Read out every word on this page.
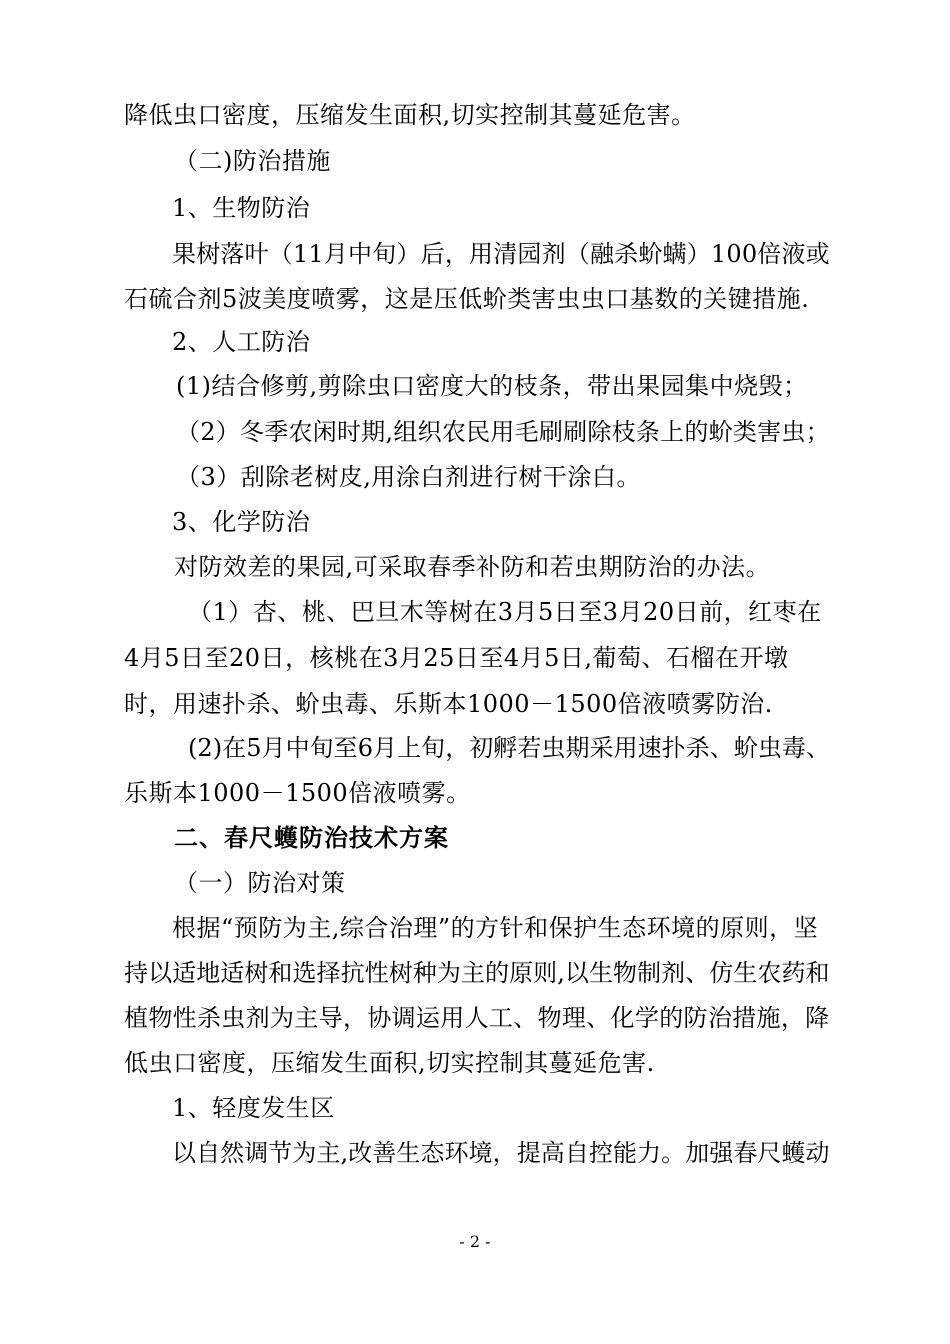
降低虫口密度，压缩发生面积,切实控制其蔓延危害。
（二)防治措施
1、生物防治
果树落叶（11月中旬）后，用清园剂（融杀蚧螨）100倍液或
石硫合剂5波美度喷雾，这是压低蚧类害虫虫口基数的关键措施.
2、人工防治
(1)结合修剪,剪除虫口密度大的枝条，带出果园集中烧毁；
（2）冬季农闲时期,组织农民用毛刷刷除枝条上的蚧类害虫；
（3）刮除老树皮,用涂白剂进行树干涂白。
3、化学防治
对防效差的果园,可采取春季补防和若虫期防治的办法。
（1）杏、桃、巴旦木等树在3月5日至3月20日前，红枣在
4月5日至20日，核桃在3月25日至4月5日,葡萄、石榴在开墩
时，用速扑杀、蚧虫毒、乐斯本1000－1500倍液喷雾防治.
(2)在5月中旬至6月上旬，初孵若虫期采用速扑杀、蚧虫毒、
乐斯本1000－1500倍液喷雾。
二、春尺蠖防治技术方案
（一）防治对策
根据“预防为主,综合治理”的方针和保护生态环境的原则，坚
持以适地适树和选择抗性树种为主的原则,以生物制剂、仿生农药和
植物性杀虫剂为主导，协调运用人工、物理、化学的防治措施，降
低虫口密度，压缩发生面积,切实控制其蔓延危害.
1、轻度发生区
以自然调节为主,改善生态环境，提高自控能力。加强春尺蠖动
- 2 -
